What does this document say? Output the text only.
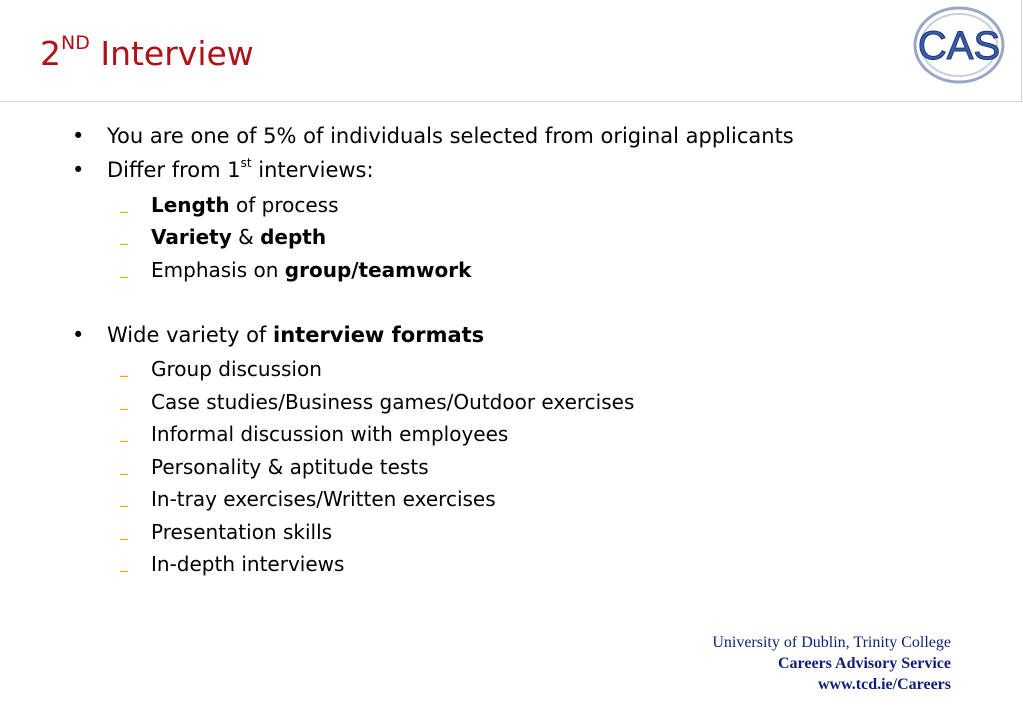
2ND Interview	CAS
• You are one of 5% of individuals selected from original applicants
• Differ from 1st interviews:
_ Length of process
_ Variety & depth
_ Emphasis on group/teamwork
• Wide variety of interview formats
_ Group discussion
_ Case studies/Business games/Outdoor exercises
_ Informal discussion with employees
_ Personality & aptitude tests
_ In-tray exercises/Written exercises
_ Presentation skills
_ In-depth interviews
University of Dublin, Trinity College
Careers Advisory Service
www.tcd.ie/Careers
